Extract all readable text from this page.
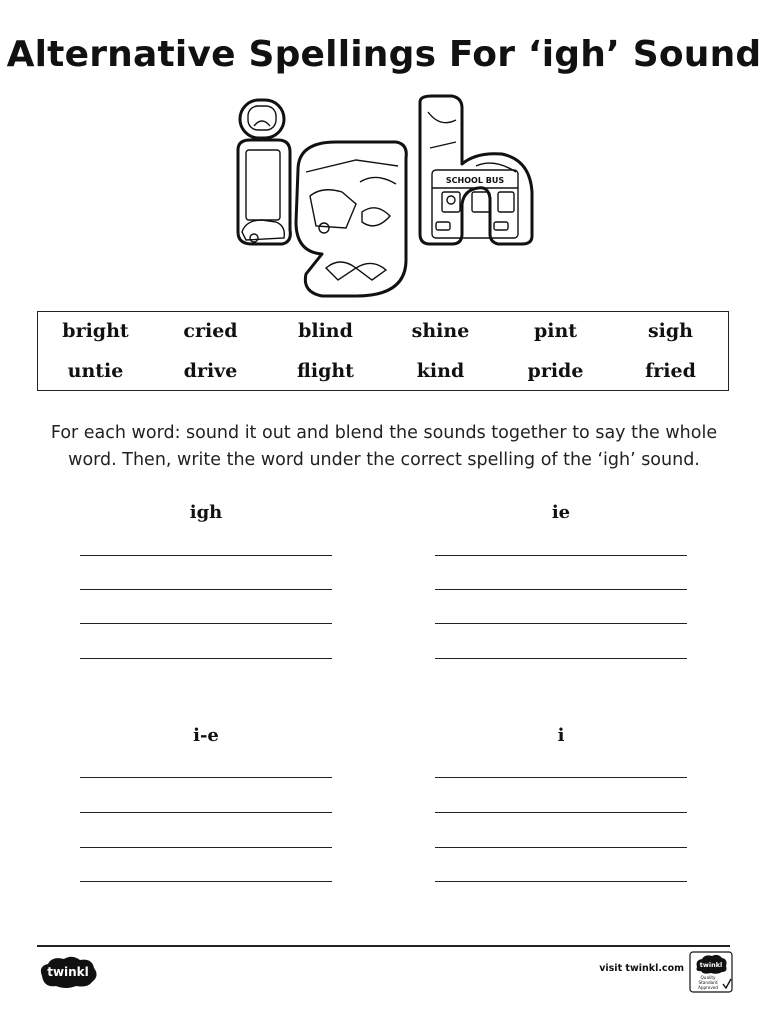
Alternative Spellings For ‘igh’ Sound
SCHOOL BUS
bright	cried	blind	shine	pint	sigh
untie	drive	flight	kind	pride	fried

For each word: sound it out and blend the sounds together to say the whole word. Then, write the word under the correct spelling of the ‘igh’ sound.

igh	ie
i-e	i
twinkl	visit twinkl.com twinkl
Quality Standard Approved
